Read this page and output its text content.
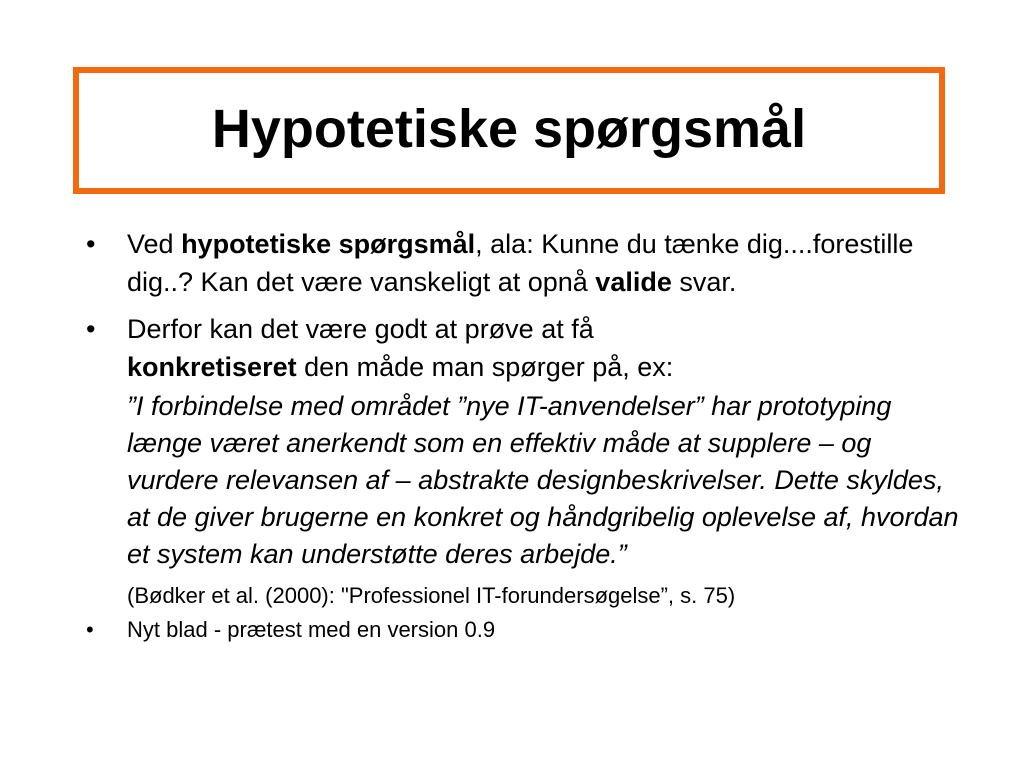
Hypotetiske spørgsmål
•	Ved hypotetiske spørgsmål, ala: Kunne du tænke dig....forestille dig..? Kan det være vanskeligt at opnå valide svar.
•	Derfor kan det være godt at prøve at få
konkretiseret den måde man spørger på, ex:
”I forbindelse med området ”nye IT-anvendelser” har prototyping længe været anerkendt som en effektiv måde at supplere – og vurdere relevansen af – abstrakte designbeskrivelser. Dette skyldes, at de giver brugerne en konkret og håndgribelig oplevelse af, hvordan et system kan understøtte deres arbejde.”
(Bødker et al. (2000): "Professionel IT-forundersøgelse”, s. 75)
•	Nyt blad - prætest med en version 0.9
